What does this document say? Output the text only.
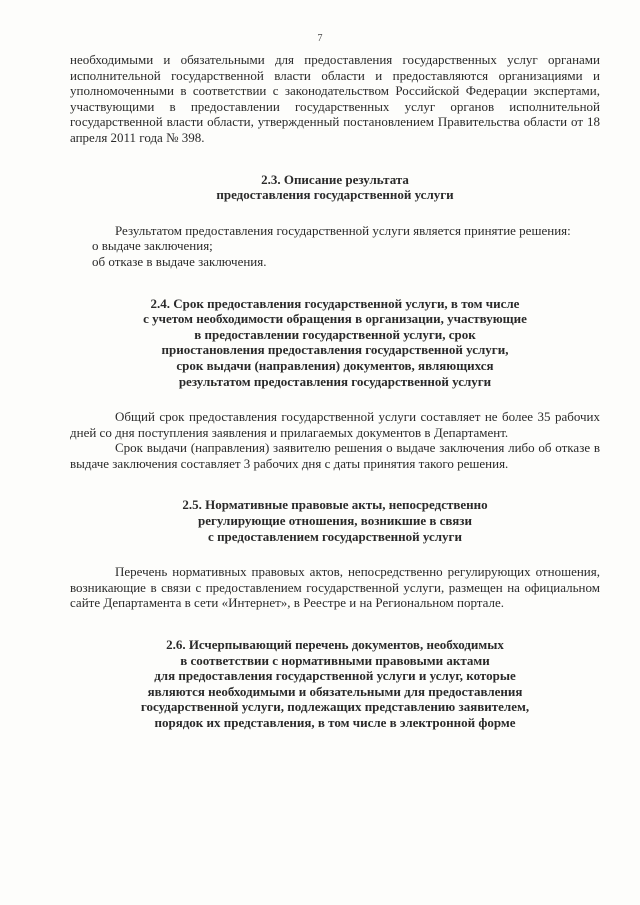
7

необходимыми и обязательными для предоставления государственных услуг органами исполнительной государственной власти области и предоставляются организациями и уполномоченными в соответствии с законодательством Российской Федерации экспертами, участвующими в предоставлении государственных услуг органов исполнительной государственной власти области, утвержденный постановлением Правительства области от 18 апреля 2011 года № 398.

2.3. Описание результата
предоставления государственной услуги

Результатом предоставления государственной услуги является принятие решения:

о выдаче заключения;

об отказе в выдаче заключения.

2.4. Срок предоставления государственной услуги, в том числе
с учетом необходимости обращения в организации, участвующие
в предоставлении государственной услуги, срок
приостановления предоставления государственной услуги,
срок выдачи (направления) документов, являющихся
результатом предоставления государственной услуги

Общий срок предоставления государственной услуги составляет не более 35 рабочих дней со дня поступления заявления и прилагаемых документов в Департамент.

Срок выдачи (направления) заявителю решения о выдаче заключения либо об отказе в выдаче заключения составляет 3 рабочих дня с даты принятия такого решения.

2.5. Нормативные правовые акты, непосредственно
регулирующие отношения, возникшие в связи
с предоставлением государственной услуги

Перечень нормативных правовых актов, непосредственно регулирующих отношения, возникающие в связи с предоставлением государственной услуги, размещен на официальном сайте Департамента в сети «Интернет», в Реестре и на Региональном портале.

2.6. Исчерпывающий перечень документов, необходимых
в соответствии с нормативными правовыми актами
для предоставления государственной услуги и услуг, которые
являются необходимыми и обязательными для предоставления
государственной услуги, подлежащих представлению заявителем,
порядок их представления, в том числе в электронной форме
